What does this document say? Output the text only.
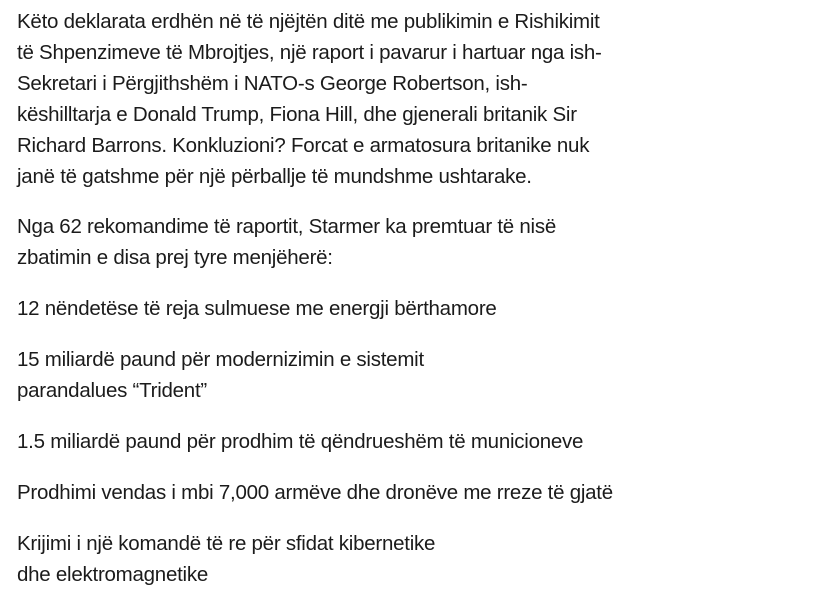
Këto deklarata erdhën në të njëjtën ditë me publikimin e Rishikimit
të Shpenzimeve të Mbrojtjes, një raport i pavarur i hartuar nga ish-
Sekretari i Përgjithshëm i NATO-s George Robertson, ish-
këshilltarja e Donald Trump, Fiona Hill, dhe gjenerali britanik Sir
Richard Barrons. Konkluzioni? Forcat e armatosura britanike nuk
janë të gatshme për një përballje të mundshme ushtarake.

Nga 62 rekomandime të raportit, Starmer ka premtuar të nisë
zbatimin e disa prej tyre menjëherë:

12 nëndetëse të reja sulmuese me energji bërthamore

15 miliardë paund për modernizimin e sistemit
parandalues “Trident”

1.5 miliardë paund për prodhim të qëndrueshëm të municioneve

Prodhimi vendas i mbi 7,000 armëve dhe dronëve me rreze të gjatë

Krijimi i një komandë të re për sfidat kibernetike
dhe elektromagnetike
